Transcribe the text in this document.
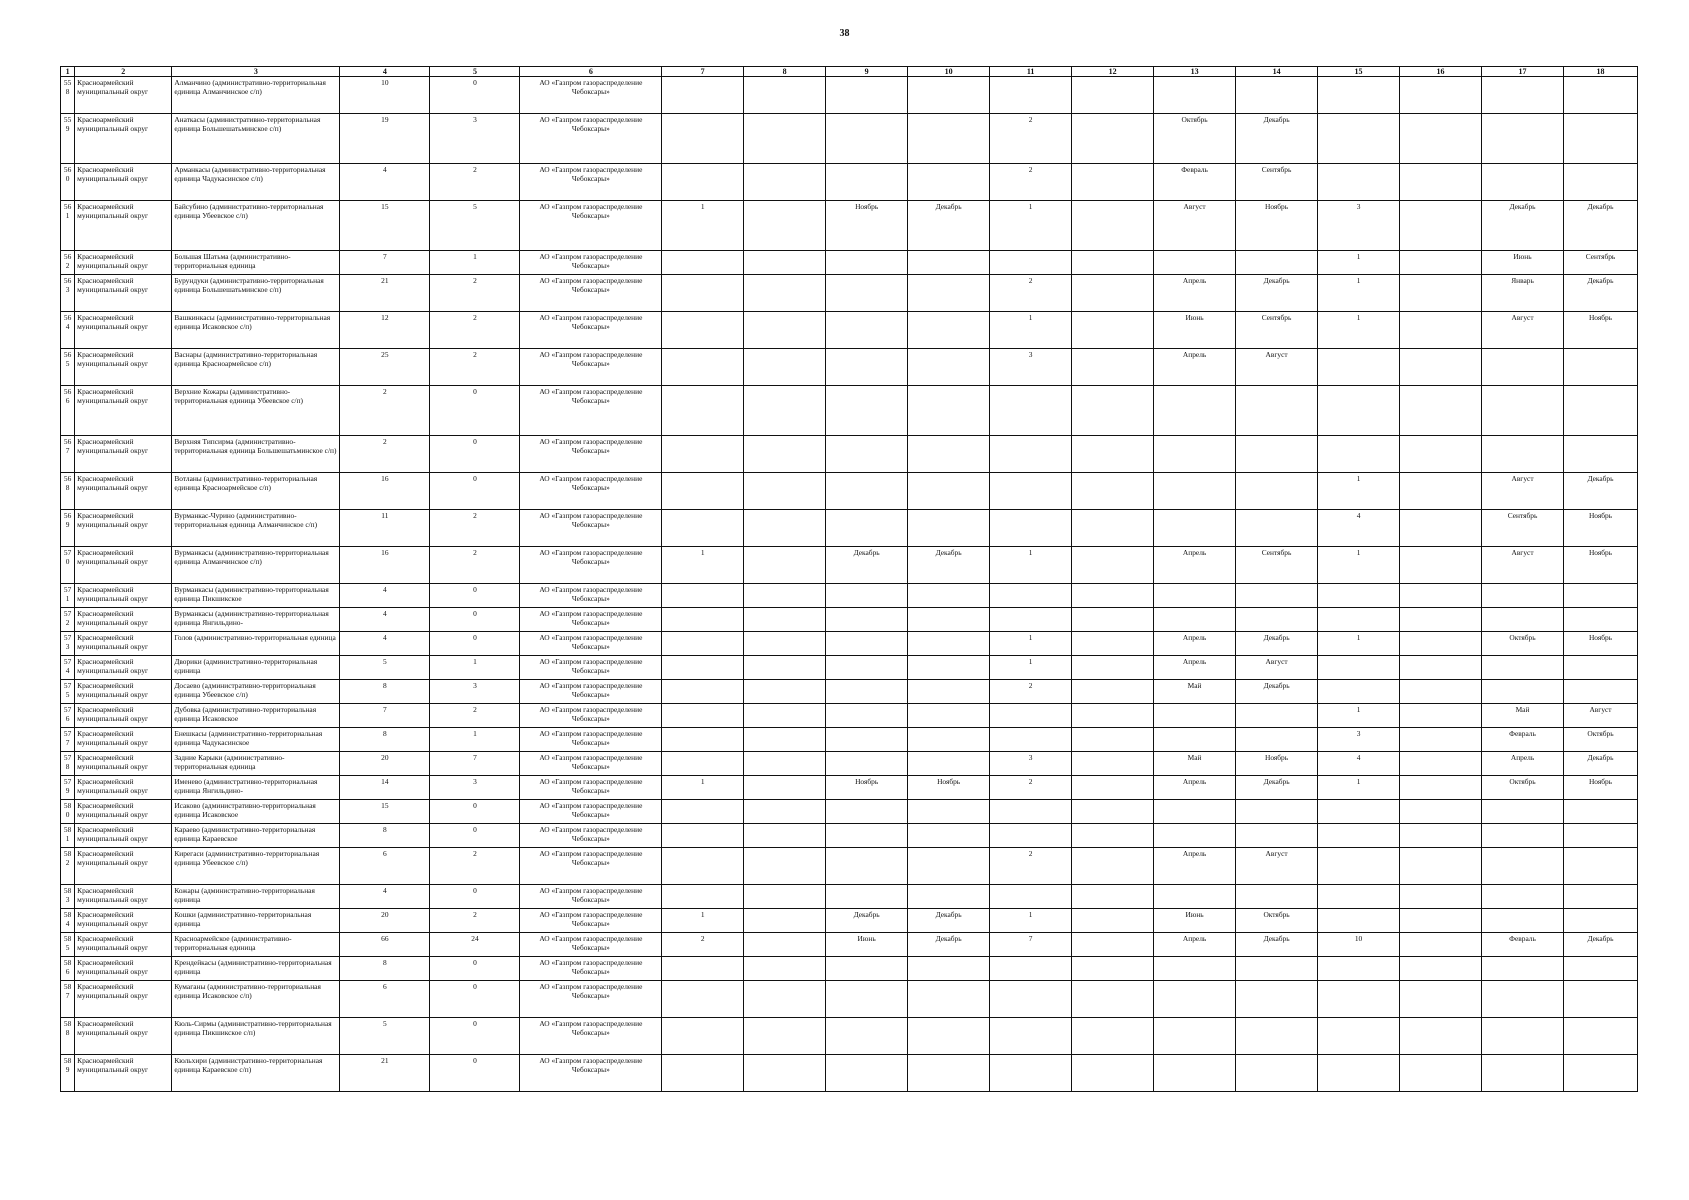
38
1	2	3	4	5	6	7	8	9	10	11	12	13	14	15	16	17	18
558	Красноармейский муниципальный округ	Алманчино (административно-территориальная единица Алманчинское с/п)	10	0	АО «Газпром газораспределение Чебоксары»												
559	Красноармейский муниципальный округ	Анаткасы (административно-территориальная единица Большешатьминское с/п)	19	3	АО «Газпром газораспределение Чебоксары»					2		Октябрь	Декабрь				
560	Красноармейский муниципальный округ	Арманкасы (административно-территориальная единица Чадукасинское с/п)	4	2	АО «Газпром газораспределение Чебоксары»					2		Февраль	Сентябрь				
561	Красноармейский муниципальный округ	Байсубино (административно-территориальная единица Убеевское с/п)	15	5	АО «Газпром газораспределение Чебоксары»	1		Ноябрь	Декабрь	1		Август	Ноябрь	3		Декабрь	Декабрь
562	Красноармейский муниципальный округ	Большая Шатьма (административно-территориальная единица	7	1	АО «Газпром газораспределение Чебоксары»									1		Июнь	Сентябрь
563	Красноармейский муниципальный округ	Бурундуки (административно-территориальная единица Большешатьминское с/п)	21	2	АО «Газпром газораспределение Чебоксары»					2		Апрель	Декабрь	1		Январь	Декабрь
564	Красноармейский муниципальный округ	Вашкинкасы (административно-территориальная единица Исаковское с/п)	12	2	АО «Газпром газораспределение Чебоксары»					1		Июнь	Сентябрь	1		Август	Ноябрь
565	Красноармейский муниципальный округ	Васнары (административно-территориальная единица Красноармейское с/п)	25	2	АО «Газпром газораспределение Чебоксары»					3		Апрель	Август				
566	Красноармейский муниципальный округ	Верхние Кожары (административно-территориальная единица Убеевское с/п)	2	0	АО «Газпром газораспределение Чебоксары»												
567	Красноармейский муниципальный округ	Верхняя Типсирма (административно-территориальная единица Большешатьминское с/п)	2	0	АО «Газпром газораспределение Чебоксары»												
568	Красноармейский муниципальный округ	Вотланы (административно-территориальная единица Красноармейское с/п)	16	0	АО «Газпром газораспределение Чебоксары»									1		Август	Декабрь
569	Красноармейский муниципальный округ	Вурманкас-Чурино (административно-территориальная единица Алманчинское с/п)	11	2	АО «Газпром газораспределение Чебоксары»									4		Сентябрь	Ноябрь
570	Красноармейский муниципальный округ	Вурманкасы (административно-территориальная единица Алманчинское с/п)	16	2	АО «Газпром газораспределение Чебоксары»	1		Декабрь	Декабрь	1		Апрель	Сентябрь	1		Август	Ноябрь
571	Красноармейский муниципальный округ	Вурманкасы (административно-территориальная единица Пикшикское	4	0	АО «Газпром газораспределение Чебоксары»												
572	Красноармейский муниципальный округ	Вурманкасы (административно-территориальная единица Янгильдино-	4	0	АО «Газпром газораспределение Чебоксары»												
573	Красноармейский муниципальный округ	Голов (административно-территориальная единица	4	0	АО «Газпром газораспределение Чебоксары»					1		Апрель	Декабрь	1		Октябрь	Ноябрь
574	Красноармейский муниципальный округ	Дворики (административно-территориальная единица	5	1	АО «Газпром газораспределение Чебоксары»					1		Апрель	Август				
575	Красноармейский муниципальный округ	Досаево (административно-территориальная единица Убеевское с/п)	8	3	АО «Газпром газораспределение Чебоксары»					2		Май	Декабрь				
576	Красноармейский муниципальный округ	Дубовка (административно-территориальная единица Исаковское	7	2	АО «Газпром газораспределение Чебоксары»									1		Май	Август
577	Красноармейский муниципальный округ	Енешкасы (административно-территориальная единица Чадукасинское	8	1	АО «Газпром газораспределение Чебоксары»									3		Февраль	Октябрь
578	Красноармейский муниципальный округ	Задние Карыки (административно-территориальная единица	20	7	АО «Газпром газораспределение Чебоксары»					3		Май	Ноябрь	4		Апрель	Декабрь
579	Красноармейский муниципальный округ	Именево (административно-территориальная единица Янгильдино-	14	3	АО «Газпром газораспределение Чебоксары»	1		Ноябрь	Ноябрь	2		Апрель	Декабрь	1		Октябрь	Ноябрь
580	Красноармейский муниципальный округ	Исаково (административно-территориальная единица Исаковское	15	0	АО «Газпром газораспределение Чебоксары»												
581	Красноармейский муниципальный округ	Караево (административно-территориальная единица Караевское	8	0	АО «Газпром газораспределение Чебоксары»												
582	Красноармейский муниципальный округ	Кирегаси (административно-территориальная единица Убеевское с/п)	6	2	АО «Газпром газораспределение Чебоксары»					2		Апрель	Август				
583	Красноармейский муниципальный округ	Кожары (административно-территориальная единица	4	0	АО «Газпром газораспределение Чебоксары»												
584	Красноармейский муниципальный округ	Кошки (административно-территориальная единица	20	2	АО «Газпром газораспределение Чебоксары»	1		Декабрь	Декабрь	1		Июнь	Октябрь				
585	Красноармейский муниципальный округ	Красноармейское (административно-территориальная единица	66	24	АО «Газпром газораспределение Чебоксары»	2		Июнь	Декабрь	7		Апрель	Декабрь	10		Февраль	Декабрь
586	Красноармейский муниципальный округ	Крендейкасы (административно-территориальная единица	8	0	АО «Газпром газораспределение Чебоксары»												
587	Красноармейский муниципальный округ	Кумаганы (административно-территориальная единица Исаковское с/п)	6	0	АО «Газпром газораспределение Чебоксары»												
588	Красноармейский муниципальный округ	Кюль-Сирмы (административно-территориальная единица Пикшикское с/п)	5	0	АО «Газпром газораспределение Чебоксары»												
589	Красноармейский муниципальный округ	Кюльхири (административно-территориальная единица Караевское с/п)	21	0	АО «Газпром газораспределение Чебоксары»												
